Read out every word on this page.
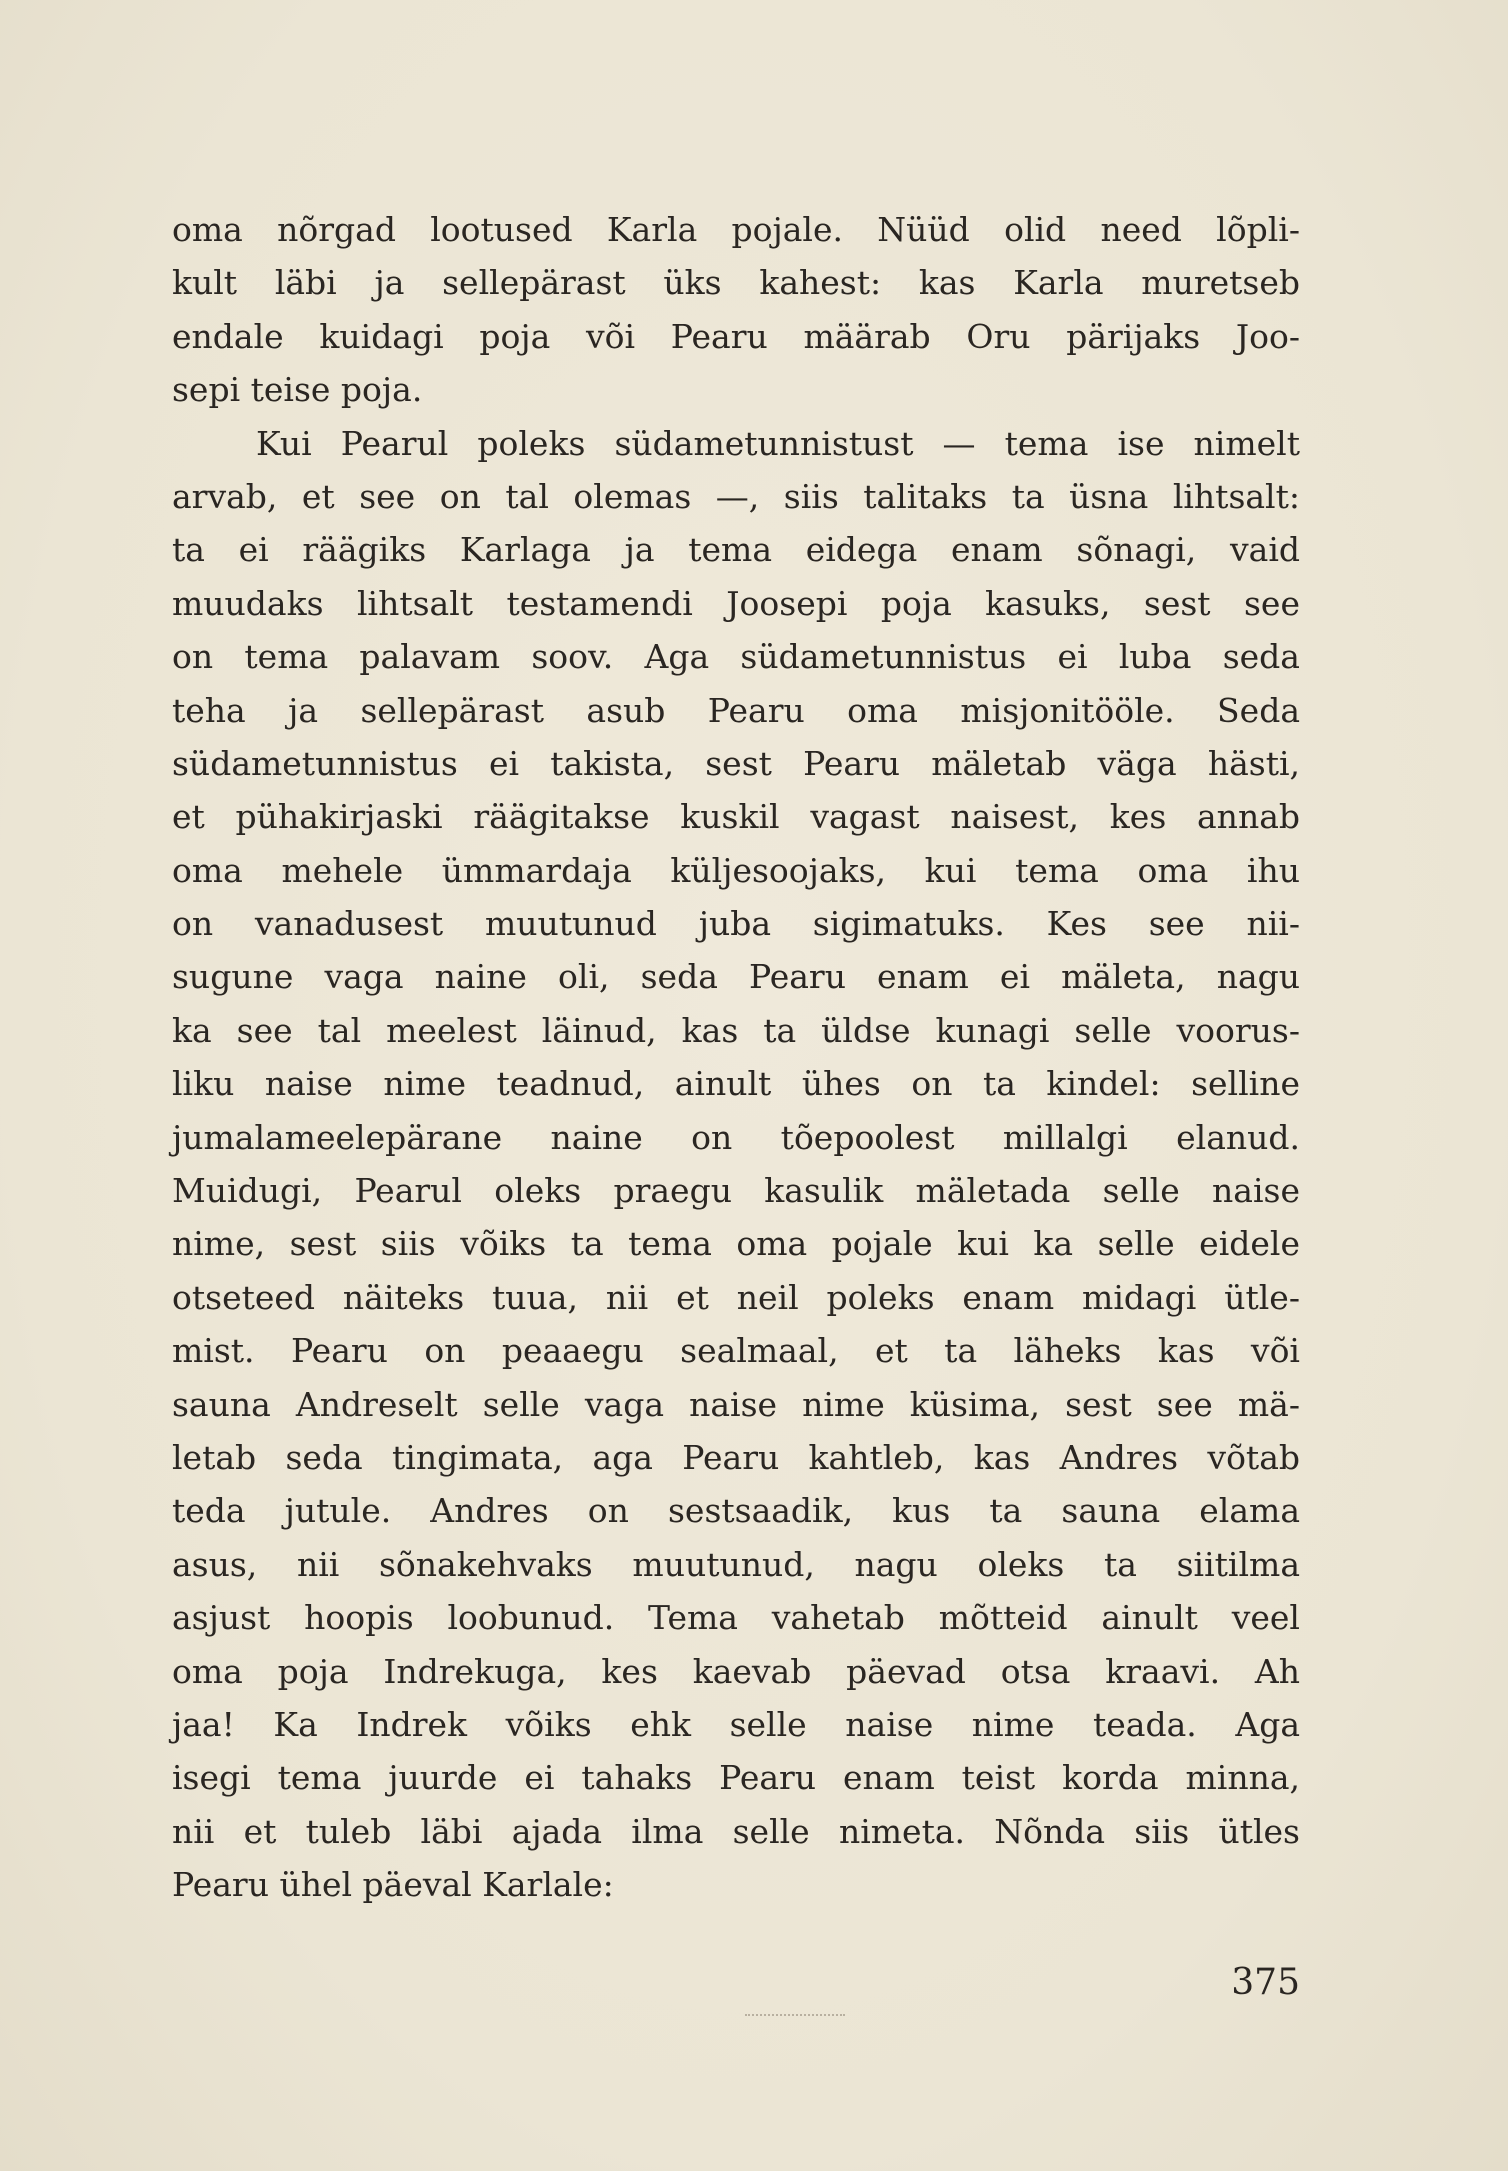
oma nõrgad lootused Karla pojale. Nüüd olid need lõpli-
kult läbi ja sellepärast üks kahest: kas Karla muretseb
endale kuidagi poja või Pearu määrab Oru pärijaks Joo-
sepi teise poja.
Kui Pearul poleks südametunnistust — tema ise nimelt
arvab, et see on tal olemas —, siis talitaks ta üsna lihtsalt:
ta ei räägiks Karlaga ja tema eidega enam sõnagi, vaid
muudaks lihtsalt testamendi Joosepi poja kasuks, sest see
on tema palavam soov. Aga südametunnistus ei luba seda
teha ja sellepärast asub Pearu oma misjonitööle. Seda
südametunnistus ei takista, sest Pearu mäletab väga hästi,
et pühakirjaski räägitakse kuskil vagast naisest, kes annab
oma mehele ümmardaja küljesoojaks, kui tema oma ihu
on vanadusest muutunud juba sigimatuks. Kes see nii-
sugune vaga naine oli, seda Pearu enam ei mäleta, nagu
ka see tal meelest läinud, kas ta üldse kunagi selle voorus-
liku naise nime teadnud, ainult ühes on ta kindel: selline
jumalameelepärane naine on tõepoolest millalgi elanud.
Muidugi, Pearul oleks praegu kasulik mäletada selle naise
nime, sest siis võiks ta tema oma pojale kui ka selle eidele
otseteed näiteks tuua, nii et neil poleks enam midagi ütle-
mist. Pearu on peaaegu sealmaal, et ta läheks kas või
sauna Andreselt selle vaga naise nime küsima, sest see mä-
letab seda tingimata, aga Pearu kahtleb, kas Andres võtab
teda jutule. Andres on sestsaadik, kus ta sauna elama
asus, nii sõnakehvaks muutunud, nagu oleks ta siitilma
asjust hoopis loobunud. Tema vahetab mõtteid ainult veel
oma poja Indrekuga, kes kaevab päevad otsa kraavi. Ah
jaa! Ka Indrek võiks ehk selle naise nime teada. Aga
isegi tema juurde ei tahaks Pearu enam teist korda minna,
nii et tuleb läbi ajada ilma selle nimeta. Nõnda siis ütles
Pearu ühel päeval Karlale:
375
